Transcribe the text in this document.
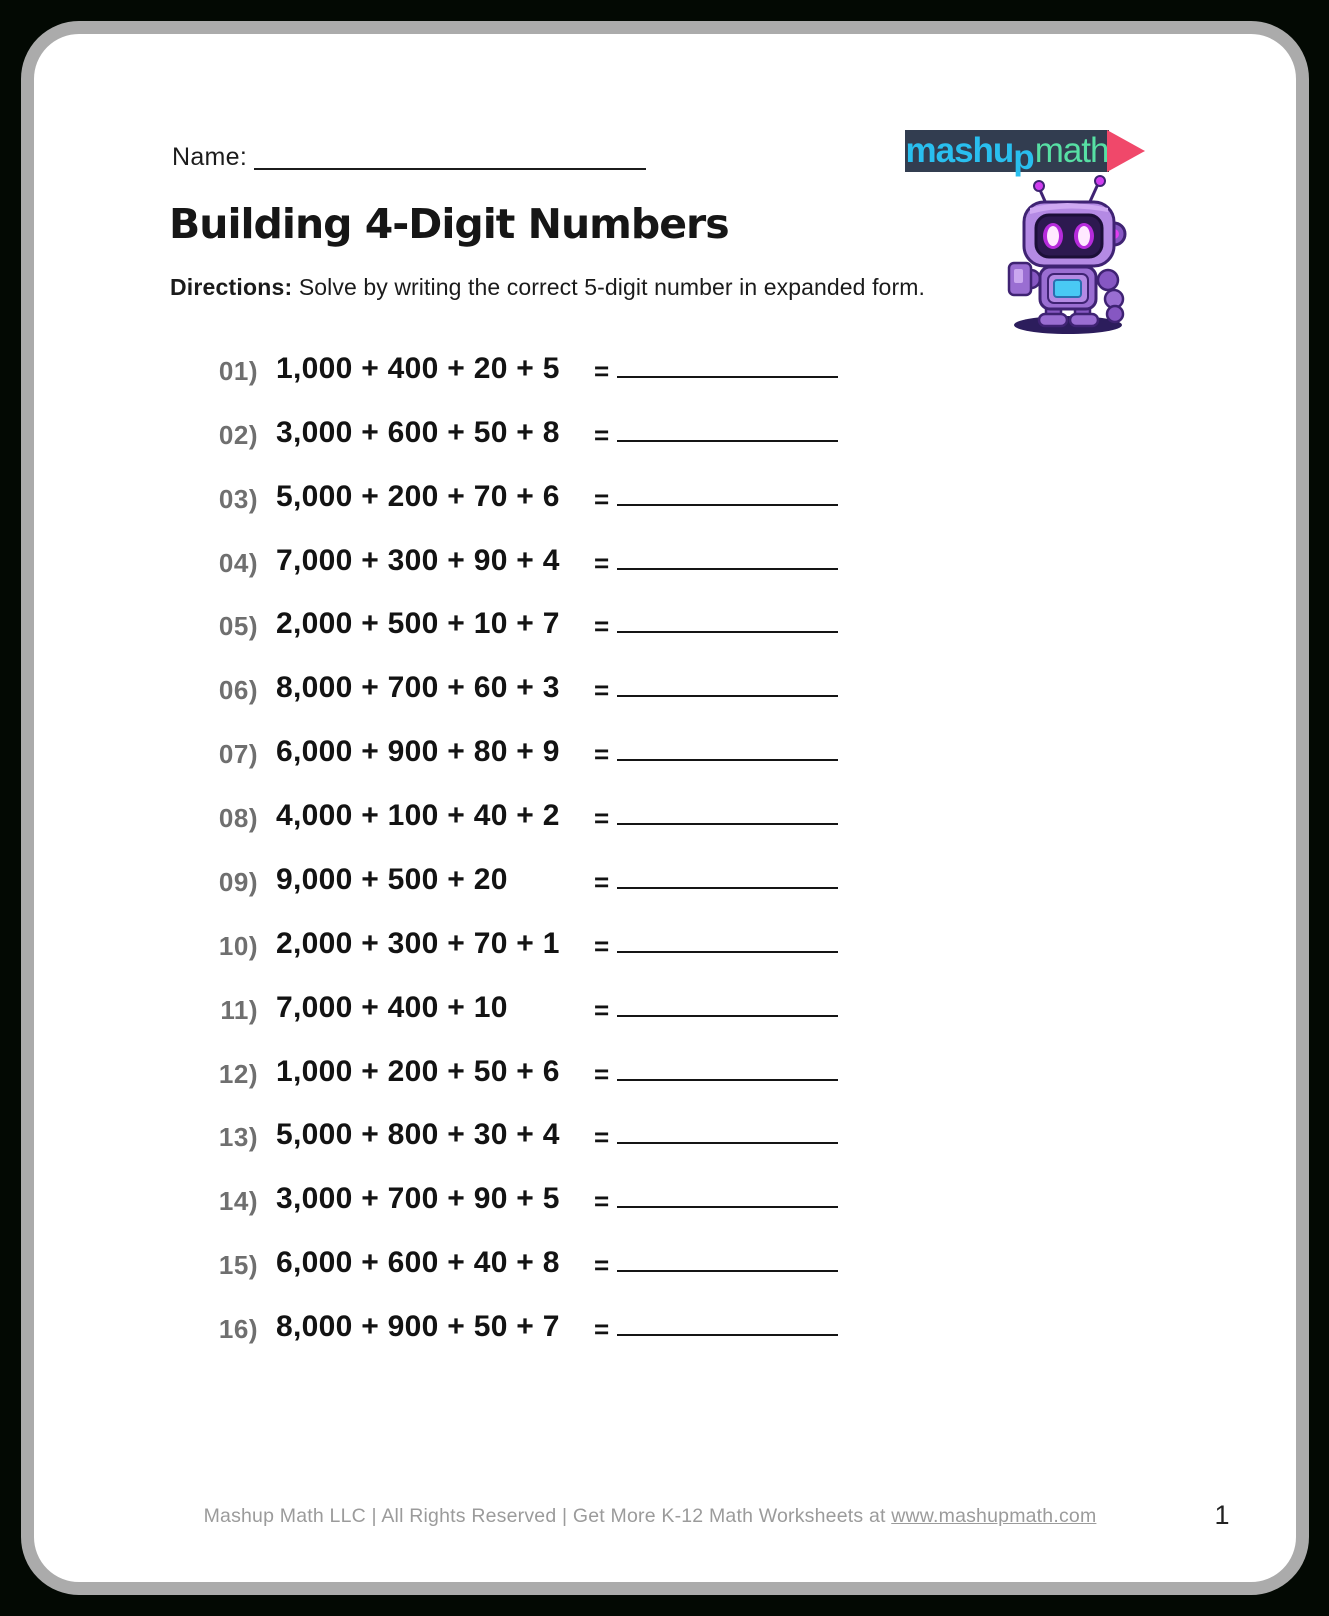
Name:	mashu p math
Building 4-Digit Numbers
Directions: Solve by writing the correct 5-digit number in expanded form.
01) 1,000 + 400 + 20 + 5 =
02) 3,000 + 600 + 50 + 8 =
03) 5,000 + 200 + 70 + 6 =
04) 7,000 + 300 + 90 + 4 =
05) 2,000 + 500 + 10 + 7 =
06) 8,000 + 700 + 60 + 3 =
07) 6,000 + 900 + 80 + 9 =
08) 4,000 + 100 + 40 + 2 =
09) 9,000 + 500 + 20	=
10) 2,000 + 300 + 70 + 1 =
11) 7,000 + 400 + 10	=
12) 1,000 + 200 + 50 + 6 =
13) 5,000 + 800 + 30 + 4 =
14) 3,000 + 700 + 90 + 5 =
15) 6,000 + 600 + 40 + 8 =
16) 8,000 + 900 + 50 + 7 =
Mashup Math LLC | All Rights Reserved | Get More K-12 Math Worksheets at www.mashupmath.com	1
